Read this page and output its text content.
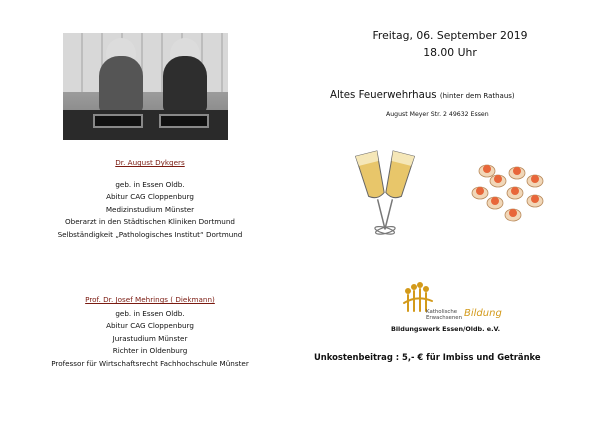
Dr. August Dykgers
geb. in Essen Oldb.
Abitur CAG Cloppenburg
Medizinstudium Münster
Oberarzt in den Städtischen Kliniken Dortmund
Selbständigkeit „Pathologisches Institut“ Dortmund
Prof. Dr. Josef Mehrings ( Diekmann)
geb. in Essen Oldb.
Abitur CAG Cloppenburg
Jurastudium Münster
Richter in Oldenburg
Professor für Wirtschaftsrecht Fachhochschule Münster
Freitag, 06. September 2019
18.00 Uhr
Altes Feuerwehrhaus (hinter dem Rathaus)
August Meyer Str. 2 49632 Essen
Katholische
Erwachsenen Bildung
Bildungswerk Essen/Oldb. e.V.
Unkostenbeitrag : 5,- € für Imbiss und Getränke
